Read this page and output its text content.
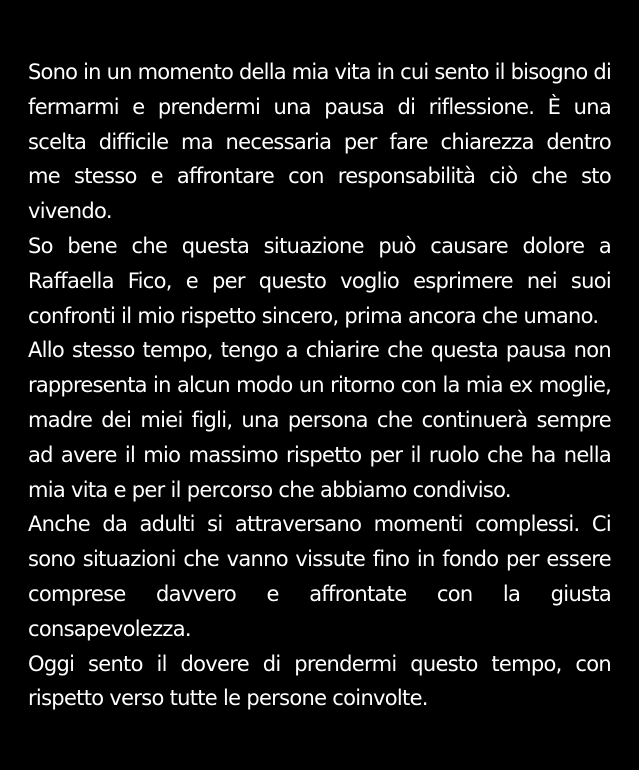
Sono in un momento della mia vita in cui sento il bisogno di
fermarmi e prendermi una pausa di riflessione. È una
scelta difficile ma necessaria per fare chiarezza dentro
me stesso e affrontare con responsabilità ciò che sto
vivendo.
So bene che questa situazione può causare dolore a
Raffaella Fico, e per questo voglio esprimere nei suoi
confronti il mio rispetto sincero, prima ancora che umano.
Allo stesso tempo, tengo a chiarire che questa pausa non
rappresenta in alcun modo un ritorno con la mia ex moglie,
madre dei miei figli, una persona che continuerà sempre
ad avere il mio massimo rispetto per il ruolo che ha nella
mia vita e per il percorso che abbiamo condiviso.
Anche da adulti si attraversano momenti complessi. Ci
sono situazioni che vanno vissute fino in fondo per essere
comprese davvero e affrontate con la giusta
consapevolezza.
Oggi sento il dovere di prendermi questo tempo, con
rispetto verso tutte le persone coinvolte.
